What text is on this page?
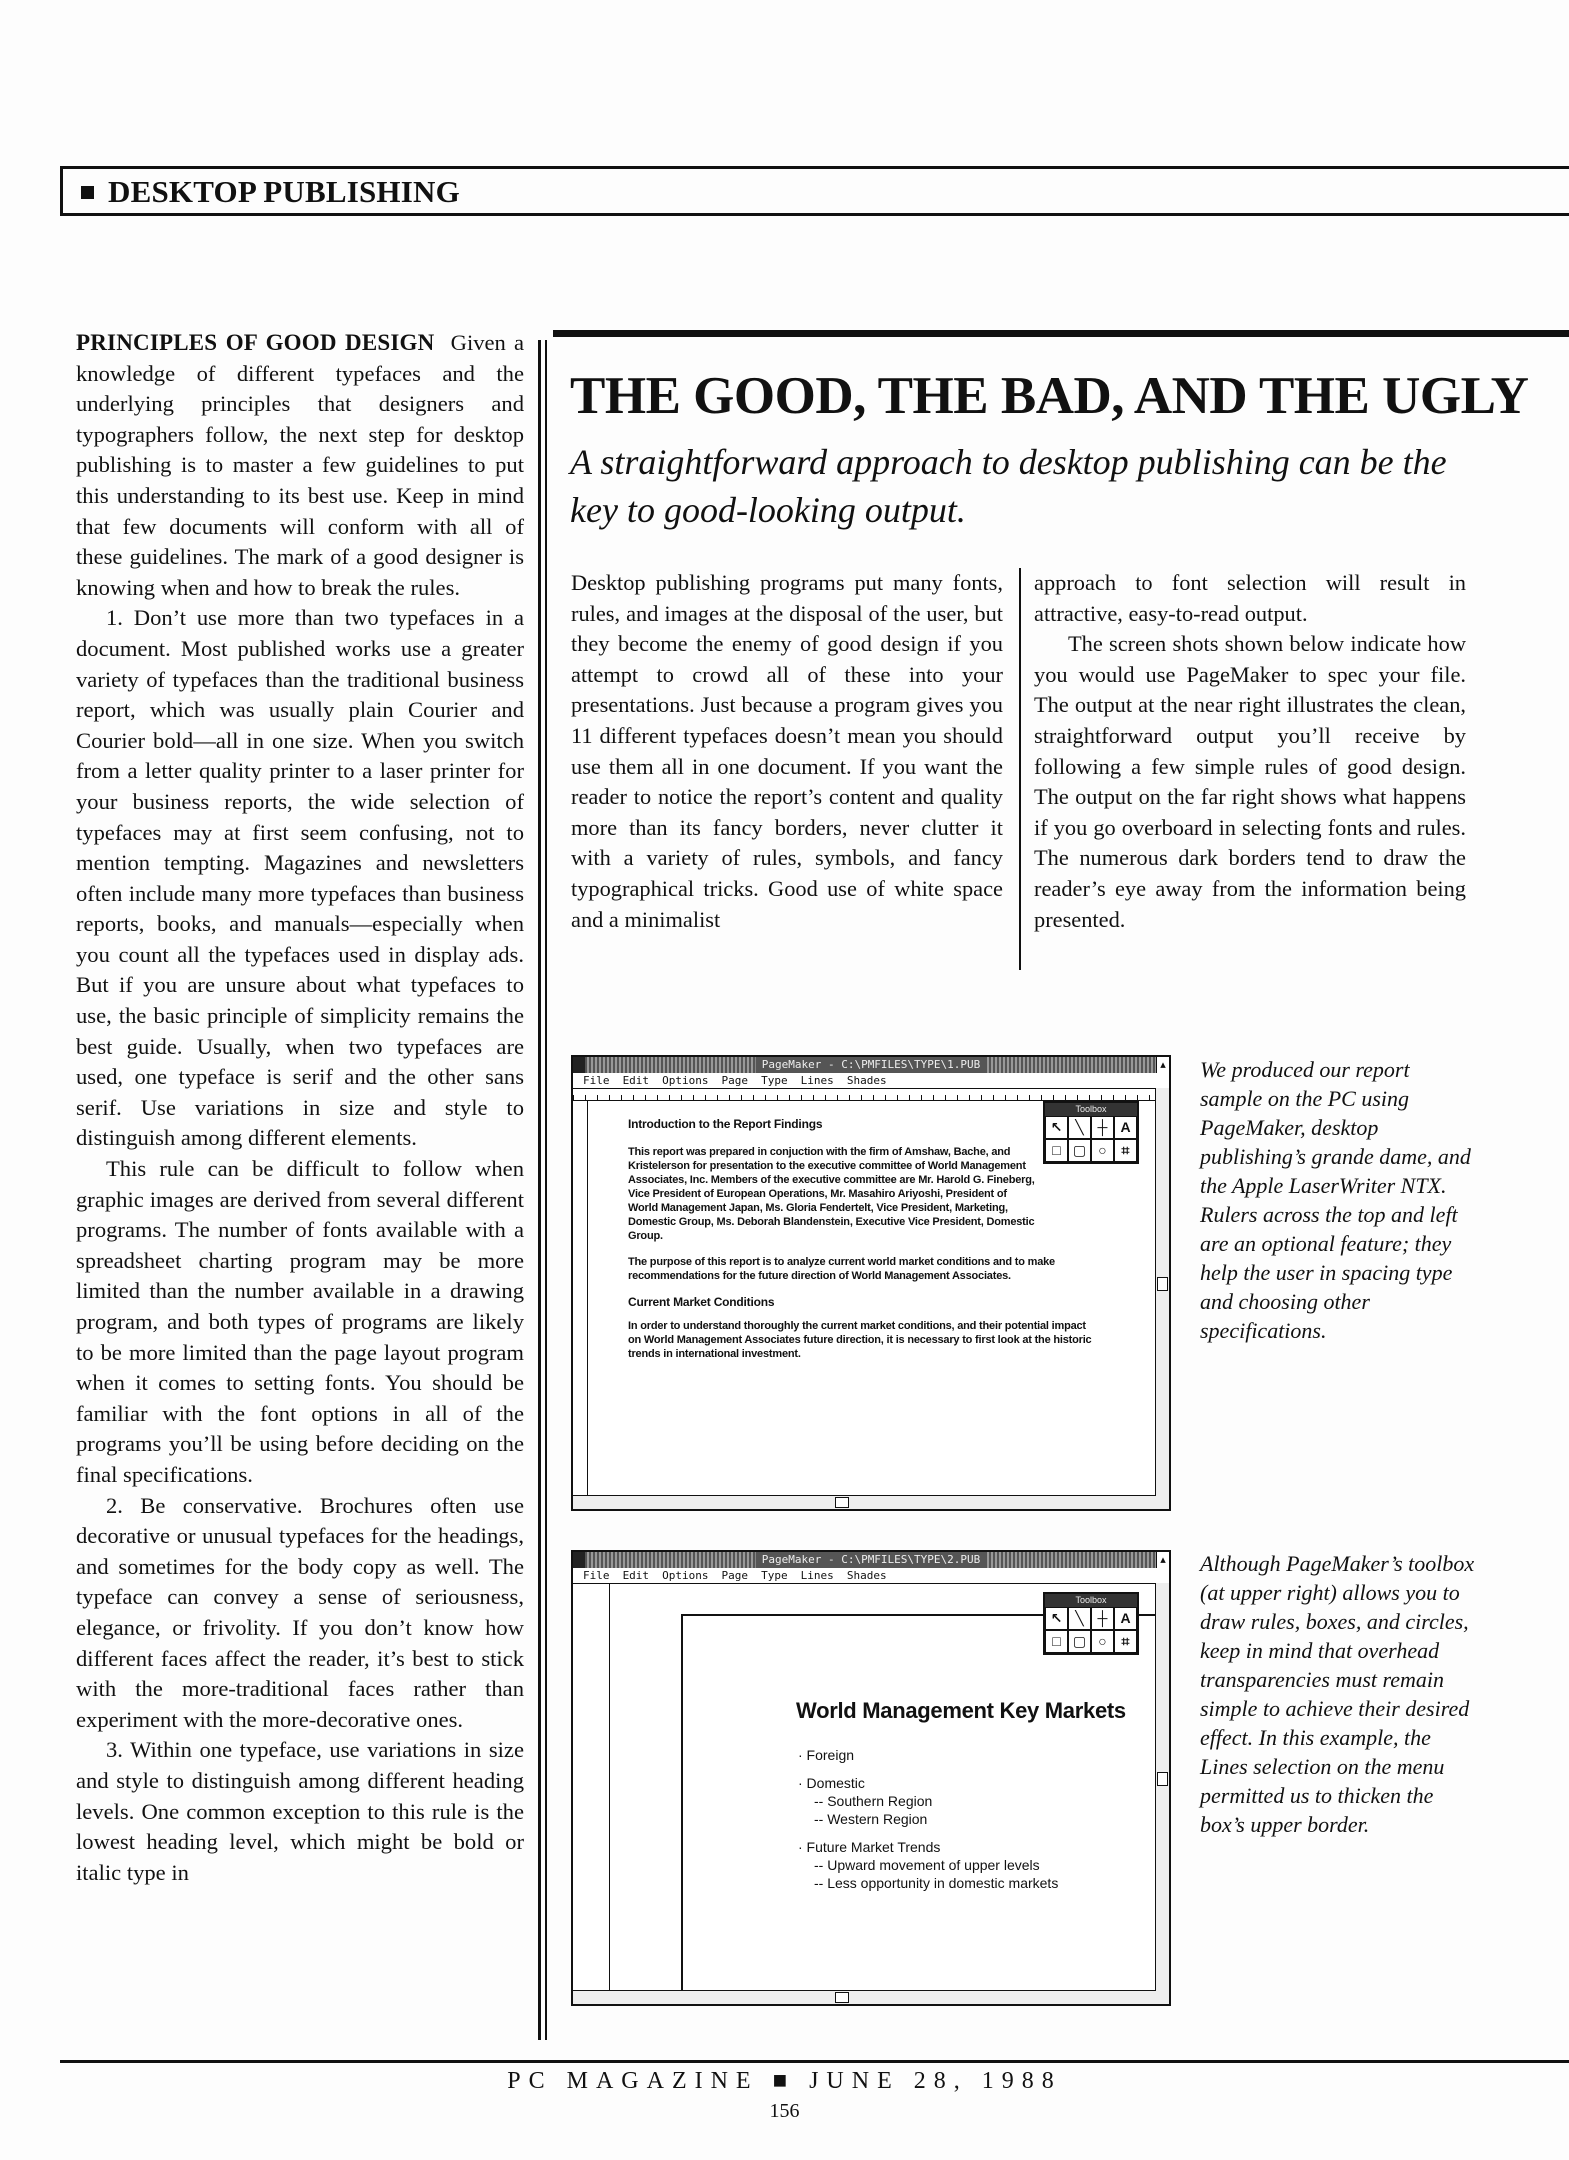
DESKTOP PUBLISHING

PRINCIPLES OF GOOD DESIGN Given a knowledge of different typefaces and the underlying principles that designers and typographers follow, the next step for desktop publishing is to master a few guidelines to put this understanding to its best use. Keep in mind that few documents will conform with all of these guidelines. The mark of a good designer is knowing when and how to break the rules.

1. Don’t use more than two typefaces in a document. Most published works use a greater variety of typefaces than the traditional business report, which was usually plain Courier and Courier bold—all in one size. When you switch from a letter quality printer to a laser printer for your business reports, the wide selection of typefaces may at first seem confusing, not to mention tempting. Magazines and newsletters often include many more typefaces than business reports, books, and manuals—especially when you count all the typefaces used in display ads. But if you are unsure about what typefaces to use, the basic principle of simplicity remains the best guide. Usually, when two typefaces are used, one typeface is serif and the other sans serif. Use variations in size and style to distinguish among different elements.

This rule can be difficult to follow when graphic images are derived from several different programs. The number of fonts available with a spreadsheet charting program may be more limited than the number available in a drawing program, and both types of programs are likely to be more limited than the page layout program when it comes to setting fonts. You should be familiar with the font options in all of the programs you’ll be using before deciding on the final specifications.

2. Be conservative. Brochures often use decorative or unusual typefaces for the headings, and sometimes for the body copy as well. The typeface can convey a sense of seriousness, elegance, or frivolity. If you don’t know how different faces affect the reader, it’s best to stick with the more-traditional faces rather than experiment with the more-decorative ones.

3. Within one typeface, use variations in size and style to distinguish among different heading levels. One common exception to this rule is the lowest heading level, which might be bold or italic type in

THE GOOD, THE BAD, AND THE UGLY
A straightforward approach to desktop publishing can be the key to good-looking output.

Desktop publishing programs put many fonts, rules, and images at the disposal of the user, but they become the enemy of good design if you attempt to crowd all of these into your presentations. Just because a program gives you 11 different typefaces doesn’t mean you should use them all in one document. If you want the reader to notice the report’s content and quality more than its fancy borders, never clutter it with a variety of rules, symbols, and fancy typographical tricks. Good use of white space and a minimalist

approach to font selection will result in attractive, easy-to-read output.

The screen shots shown below indicate how you would use PageMaker to spec your file. The output at the near right illustrates the clean, straightforward output you’ll receive by following a few simple rules of good design. The output on the far right shows what happens if you go overboard in selecting fonts and rules. The numerous dark borders tend to draw the reader’s eye away from the information being presented.

PageMaker - C:\PMFILES\TYPE\1.PUB	▴
File Edit Options Page Type Lines Shades
Toolbox
↖ ╲ ┼ A
□ ▢ ○	⌗
Introduction to the Report Findings

This report was prepared in conjuction with the firm of Amshaw, Bache, and Kristelerson for presentation to the executive committee of World Management Associates, Inc. Members of the executive committee are Mr. Harold G. Fineberg, Vice President of European Operations, Mr. Masahiro Ariyoshi, President of World Management Japan, Ms. Gloria Fendertelt, Vice President, Marketing, Domestic Group, Ms. Deborah Blandenstein, Executive Vice President, Domestic Group.

The purpose of this report is to analyze current world market conditions and to make recommendations for the future direction of World Management Associates.

Current Market Conditions

In order to understand thoroughly the current market conditions, and their potential impact on World Management Associates future direction, it is necessary to first look at the historic trends in international investment.

We produced our report sample on the PC using PageMaker, desktop publishing’s grande dame, and the Apple LaserWriter NTX. Rulers across the top and left are an optional feature; they help the user in spacing type and choosing other specifications.
PageMaker - C:\PMFILES\TYPE\2.PUB	▴
File Edit Options Page Type Lines Shades
Toolbox
↖ ╲ ┼ A
□ ▢ ○	⌗
World Management Key Markets
· Foreign
· Domestic
-- Southern Region
-- Western Region
· Future Market Trends
-- Upward movement of upper levels
-- Less opportunity in domestic markets
Although PageMaker’s toolbox (at upper right) allows you to draw rules, boxes, and circles, keep in mind that overhead transparencies must remain simple to achieve their desired effect. In this example, the Lines selection on the menu permitted us to thicken the box’s upper border.
PC MAGAZINE ■ JUNE 28, 1988
156
